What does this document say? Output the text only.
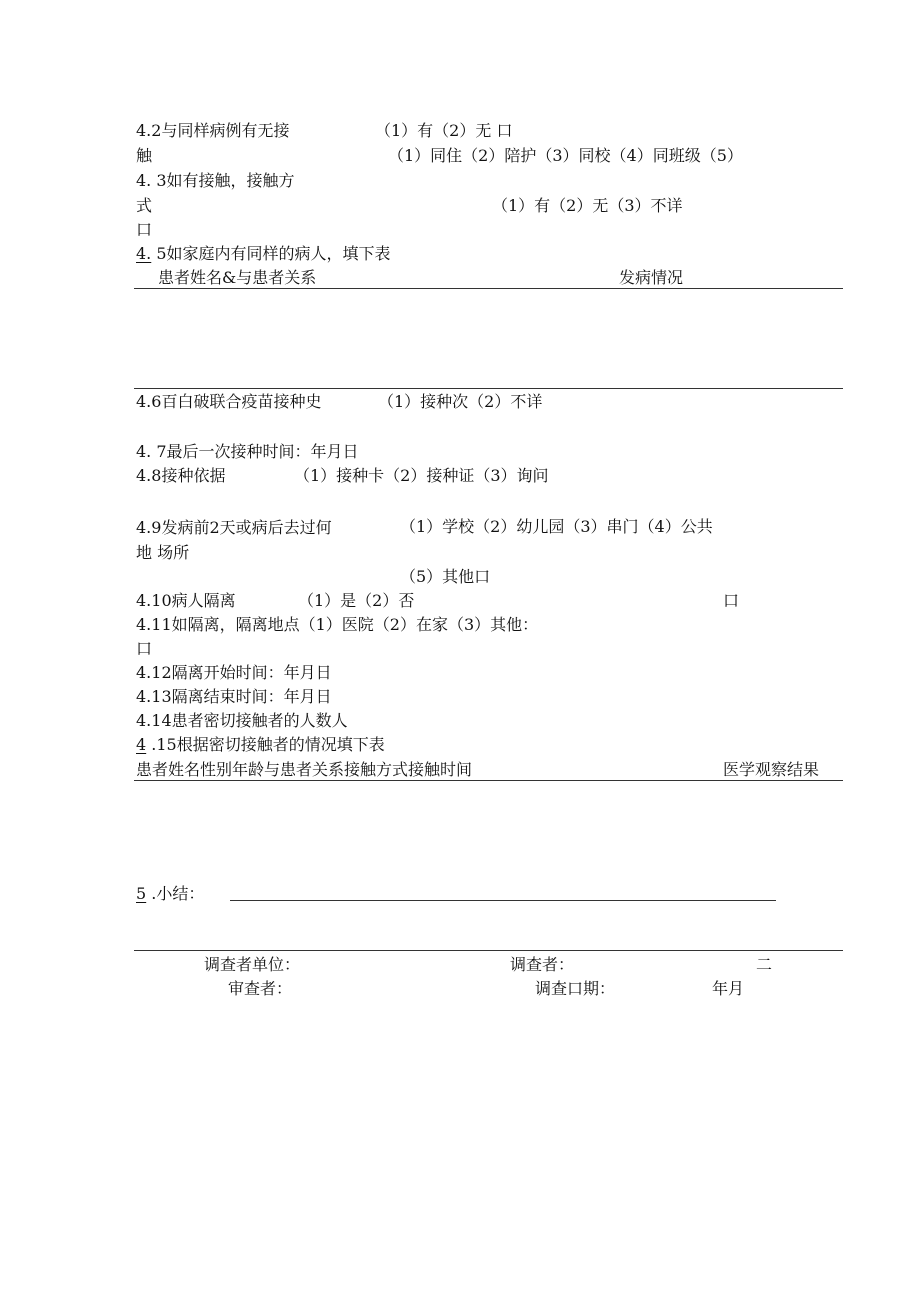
4.2与同样病例有无接	（1）有（2）无 口
触	（1）同住（2）陪护（3）同校（4）同班级（5）
4. 3如有接触，接触方
式	（1）有（2）无（3）不详
口
4. 5如家庭内有同样的病人，填下表
患者姓名&与患者关系	发病情况
4.6百白破联合疫苗接种史	（1）接种次（2）不详
4. 7最后一次接种时间：年月日
4.8接种依据	（1）接种卡（2）接种证（3）询问
4.9发病前2天或病后去过何	（1）学校（2）幼儿园（3）串门（4）公共
地 场所
（5）其他口
4.10病人隔离	（1）是（2）否	口
4.11如隔离，隔离地点（1）医院（2）在家（3）其他：
口
4.12隔离开始时间：年月日
4.13隔离结束时间：年月日
4.14患者密切接触者的人数人
4 .15根据密切接触者的情况填下表
患者姓名性别年龄与患者关系接触方式接触时间	医学观察结果
5 .小结：
调查者单位：	调查者：	二
审查者：	调查口期：	年月
